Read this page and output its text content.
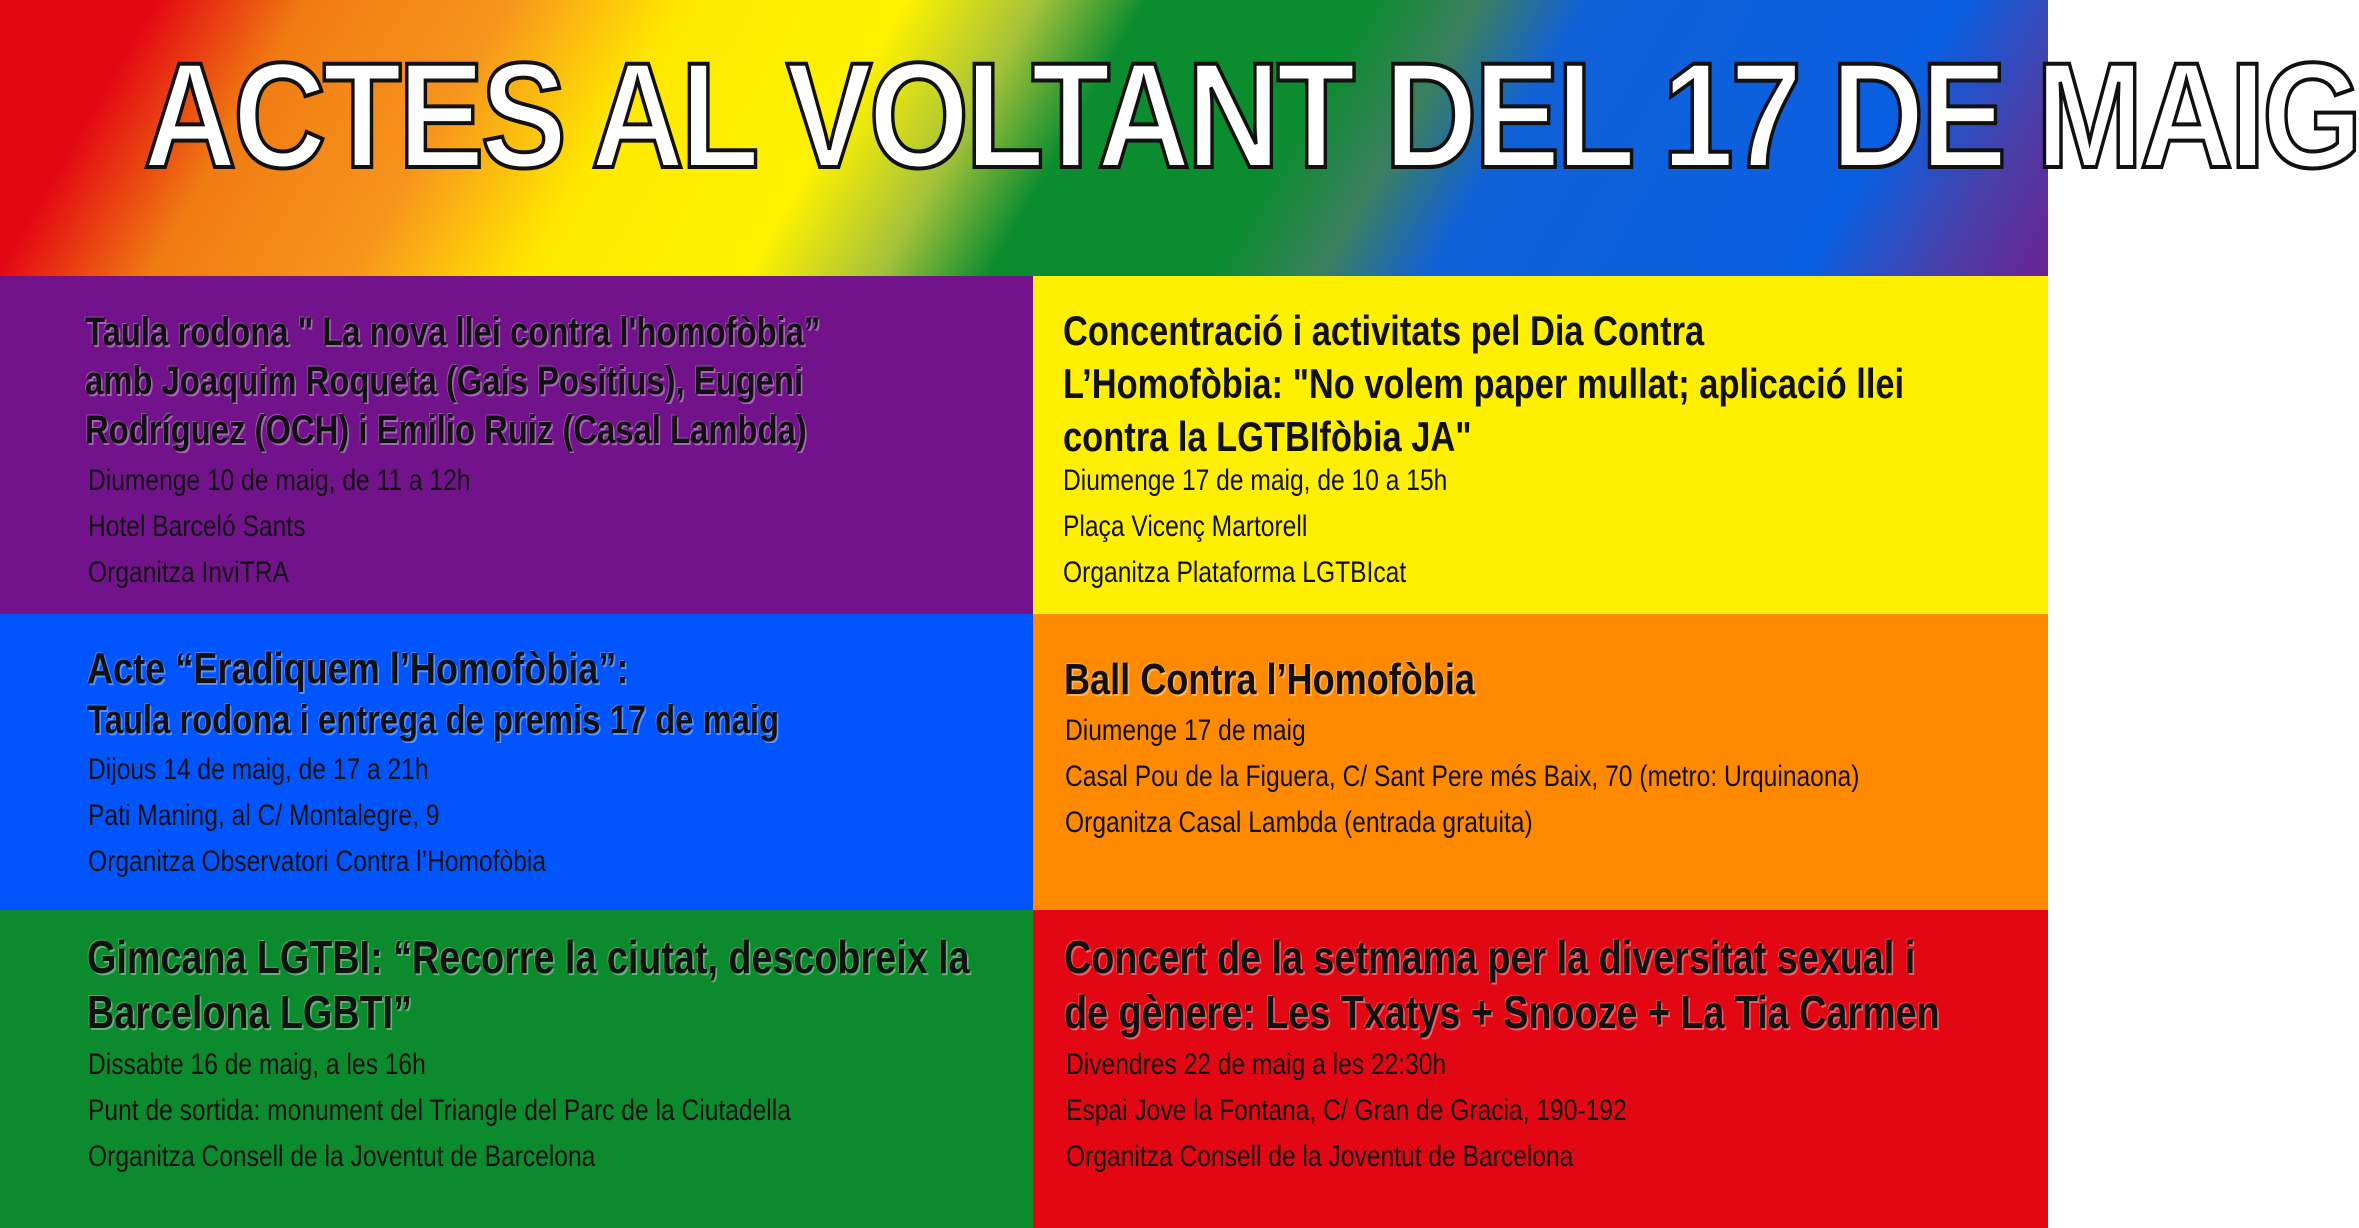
ACTES AL VOLTANT DEL 17 DE MAIG
Taula rodona " La nova llei contra l'homofòbia”
amb Joaquim Roqueta (Gais Positius), Eugeni
Rodríguez (OCH) i Emilio Ruiz (Casal Lambda)
Diumenge 10 de maig, de 11 a 12h
Hotel Barceló Sants
Organitza InviTRA
Concentració i activitats pel Dia Contra
L’Homofòbia: "No volem paper mullat; aplicació llei
contra la LGTBIfòbia JA"
Diumenge 17 de maig, de 10 a 15h
Plaça Vicenç Martorell
Organitza Plataforma LGTBIcat
Acte “Eradiquem l’Homofòbia”:
Taula rodona i entrega de premis 17 de maig
Dijous 14 de maig, de 17 a 21h
Pati Maning, al C/ Montalegre, 9
Organitza Observatori Contra l’Homofòbia
Ball Contra l’Homofòbia
Diumenge 17 de maig
Casal Pou de la Figuera, C/ Sant Pere més Baix, 70 (metro: Urquinaona)
Organitza Casal Lambda (entrada gratuita)
Gimcana LGTBI: “Recorre la ciutat, descobreix la
Barcelona LGBTI”
Dissabte 16 de maig, a les 16h
Punt de sortida: monument del Triangle del Parc de la Ciutadella
Organitza Consell de la Joventut de Barcelona
Concert de la setmama per la diversitat sexual i
de gènere: Les Txatys + Snooze + La Tia Carmen
Divendres 22 de maig a les 22:30h
Espai Jove la Fontana, C/ Gran de Gracia, 190-192
Organitza Consell de la Joventut de Barcelona
